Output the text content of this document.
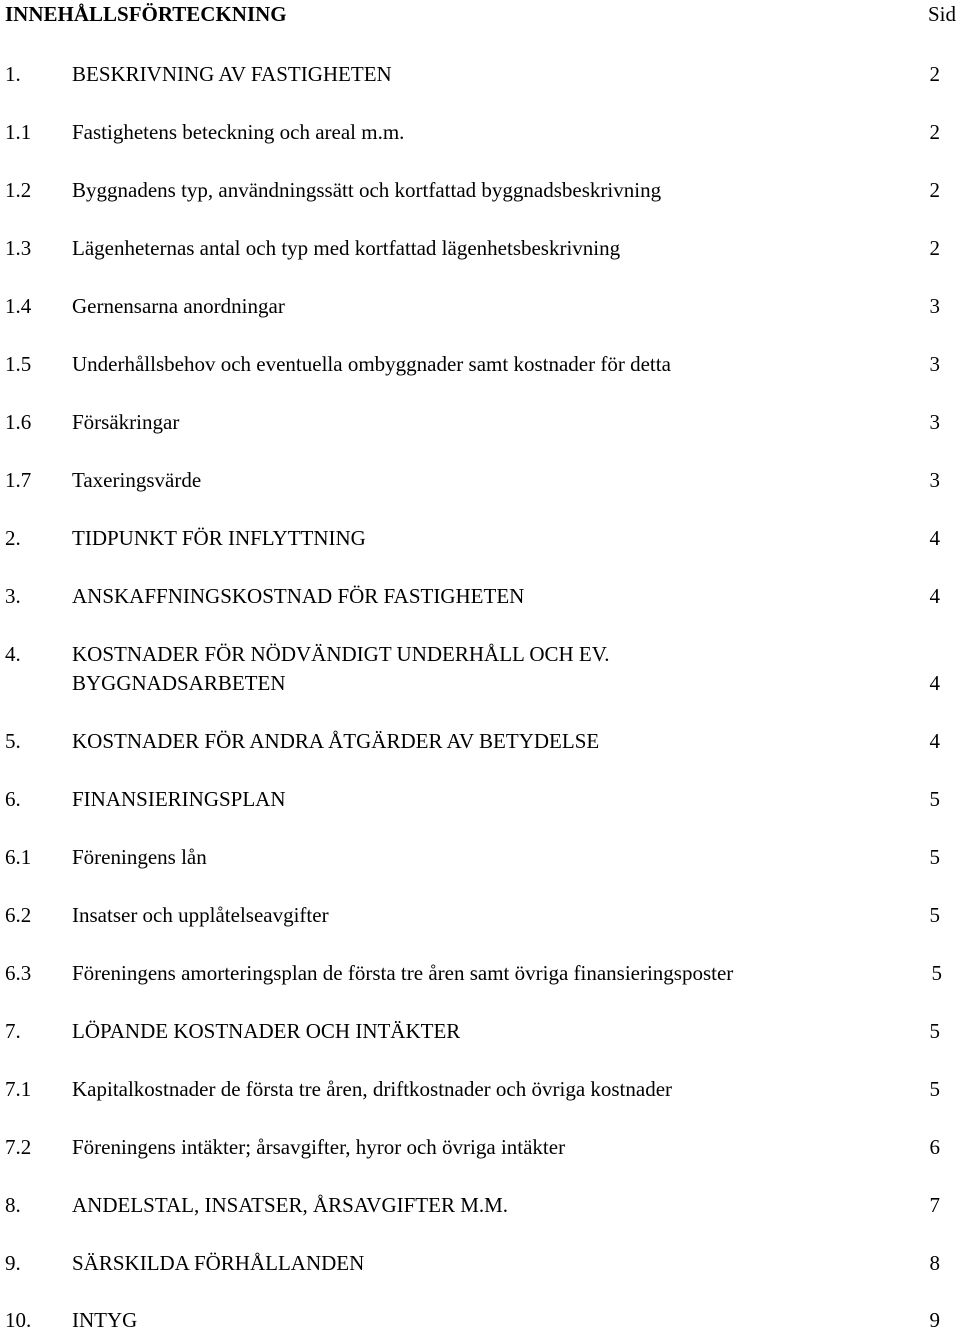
INNEHÅLLSFÖRTECKNING	Sid
1. BESKRIVNING AV FASTIGHETEN	2
1.1 Fastighetens beteckning och areal m.m.	2
1.2 Byggnadens typ, användningssätt och kortfattad byggnadsbeskrivning	2
1.3 Lägenheternas antal och typ med kortfattad lägenhetsbeskrivning	2
1.4 Gernensarna anordningar	3
1.5 Underhållsbehov och eventuella ombyggnader samt kostnader för detta	3
1.6 Försäkringar	3
1.7 Taxeringsvärde	3
2. TIDPUNKT FÖR INFLYTTNING	4
3. ANSKAFFNINGSKOSTNAD FÖR FASTIGHETEN	4
4. KOSTNADER FÖR NÖDVÄNDIGT UNDERHÅLL OCH EV.
BYGGNADSARBETEN	4
5. KOSTNADER FÖR ANDRA ÅTGÄRDER AV BETYDELSE	4
6. FINANSIERINGSPLAN	5
6.1 Föreningens lån	5
6.2 Insatser och upplåtelseavgifter	5
6.3 Föreningens amorteringsplan de första tre åren samt övriga finansieringsposter	5
7. LÖPANDE KOSTNADER OCH INTÄKTER	5
7.1 Kapitalkostnader de första tre åren, driftkostnader och övriga kostnader	5
7.2 Föreningens intäkter; årsavgifter, hyror och övriga intäkter	6
8. ANDELSTAL, INSATSER, ÅRSAVGIFTER M.M.	7
9. SÄRSKILDA FÖRHÅLLANDEN	8
10. INTYG	9
